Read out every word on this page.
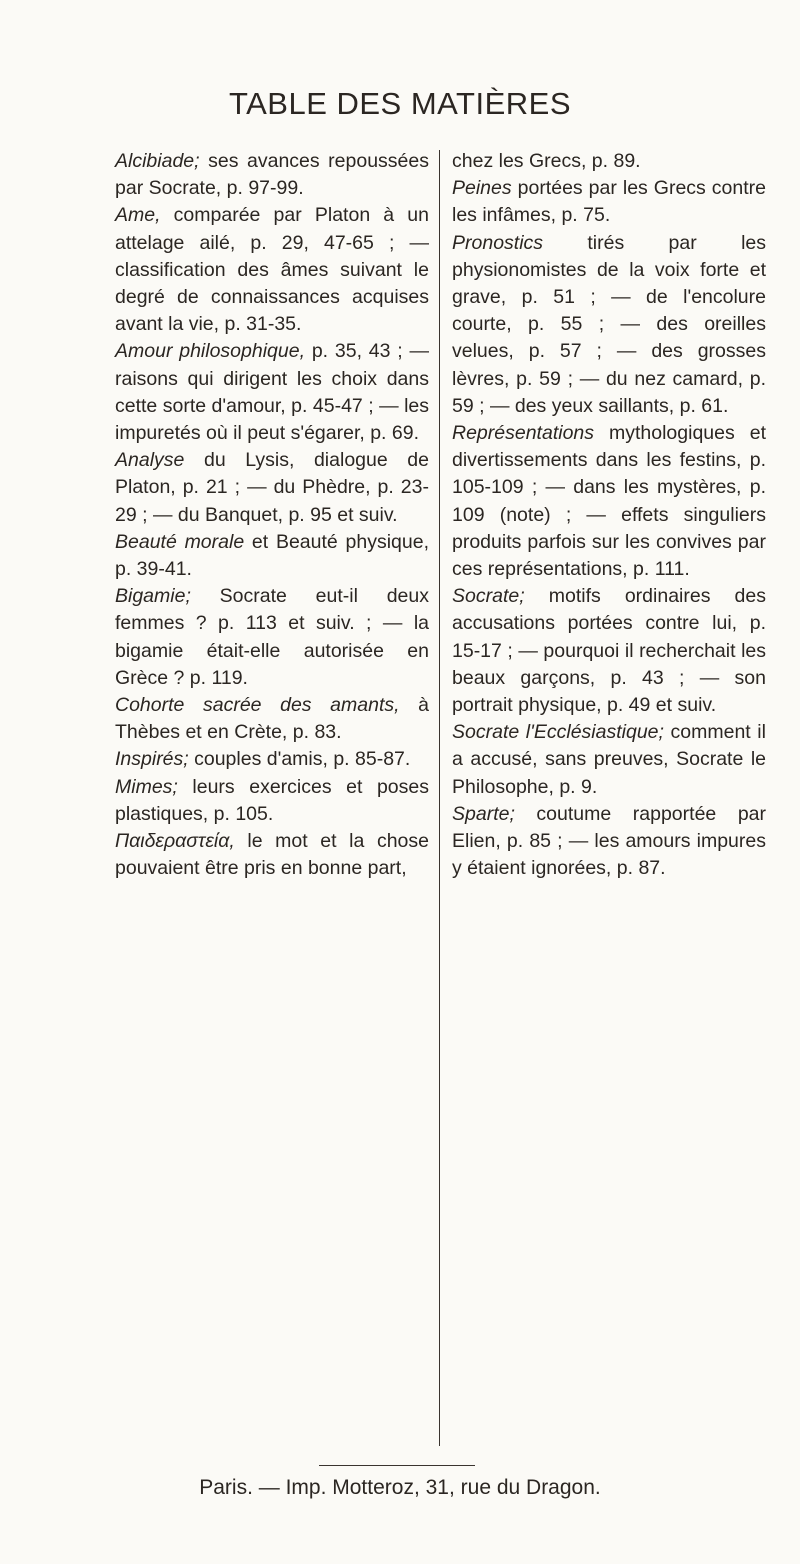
TABLE DES MATIÈRES

Alcibiade; ses avances repoussées par Socrate, p. 97-99.

Ame, comparée par Platon à un attelage ailé, p. 29, 47-65 ; — classification des âmes suivant le degré de connaissances acquises avant la vie, p. 31-35.

Amour philosophique, p. 35, 43 ; — raisons qui dirigent les choix dans cette sorte d'amour, p. 45-47 ; — les impuretés où il peut s'égarer, p. 69.

Analyse du Lysis, dialogue de Platon, p. 21 ; — du Phèdre, p. 23-29 ; — du Banquet, p. 95 et suiv.

Beauté morale et Beauté physique, p. 39-41.

Bigamie; Socrate eut-il deux femmes ? p. 113 et suiv. ; — la bigamie était-elle autorisée en Grèce ? p. 119.

Cohorte sacrée des amants, à Thèbes et en Crète, p. 83.

Inspirés; couples d'amis, p. 85-87.

Mimes; leurs exercices et poses plastiques, p. 105.

Παιδεραστεία, le mot et la chose pouvaient être pris en bonne part,

chez les Grecs, p. 89.

Peines portées par les Grecs contre les infâmes, p. 75.

Pronostics tirés par les physionomistes de la voix forte et grave, p. 51 ; — de l'encolure courte, p. 55 ; — des oreilles velues, p. 57 ; — des grosses lèvres, p. 59 ; — du nez camard, p. 59 ; — des yeux saillants, p. 61.

Représentations mythologiques et divertissements dans les festins, p. 105-109 ; — dans les mystères, p. 109 (note) ; — effets singuliers produits parfois sur les convives par ces représentations, p. 111.

Socrate; motifs ordinaires des accusations portées contre lui, p. 15-17 ; — pourquoi il recherchait les beaux garçons, p. 43 ; — son portrait physique, p. 49 et suiv.

Socrate l'Ecclésiastique; comment il a accusé, sans preuves, Socrate le Philosophe, p. 9.

Sparte; coutume rapportée par Elien, p. 85 ; — les amours impures y étaient ignorées, p. 87.

Paris. — Imp. Motteroz, 31, rue du Dragon.
